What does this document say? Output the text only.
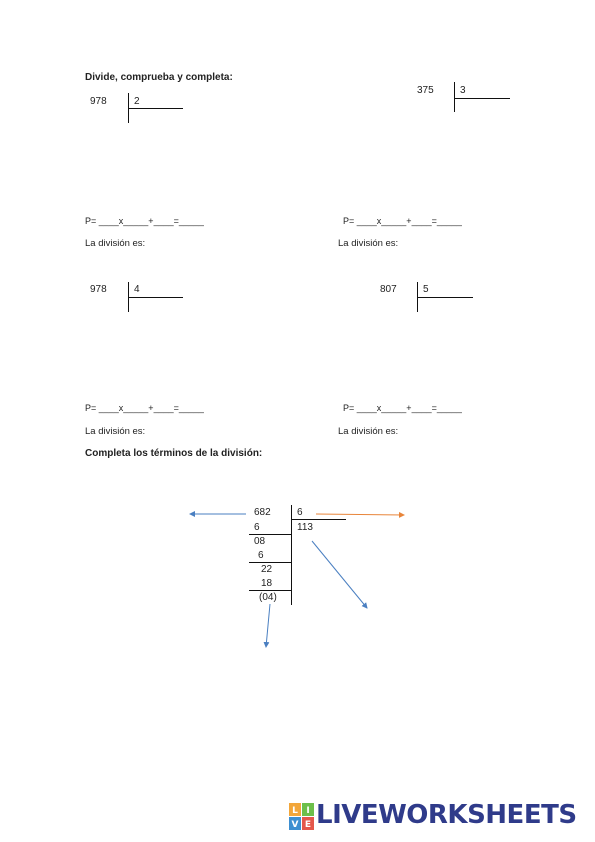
Divide, comprueba y completa:
978	2
375	3
P= ____x_____+____=_____	P= ____x_____+____=_____
La división es:	La división es:
978	4	807	5
P= ____x_____+____=_____	P= ____x_____+____=_____
La división es:	La división es:
Completa los términos de la división:
682	6
113
6
08
6
22
18
(04)
L I
V E LIVEWORKSHEETS
